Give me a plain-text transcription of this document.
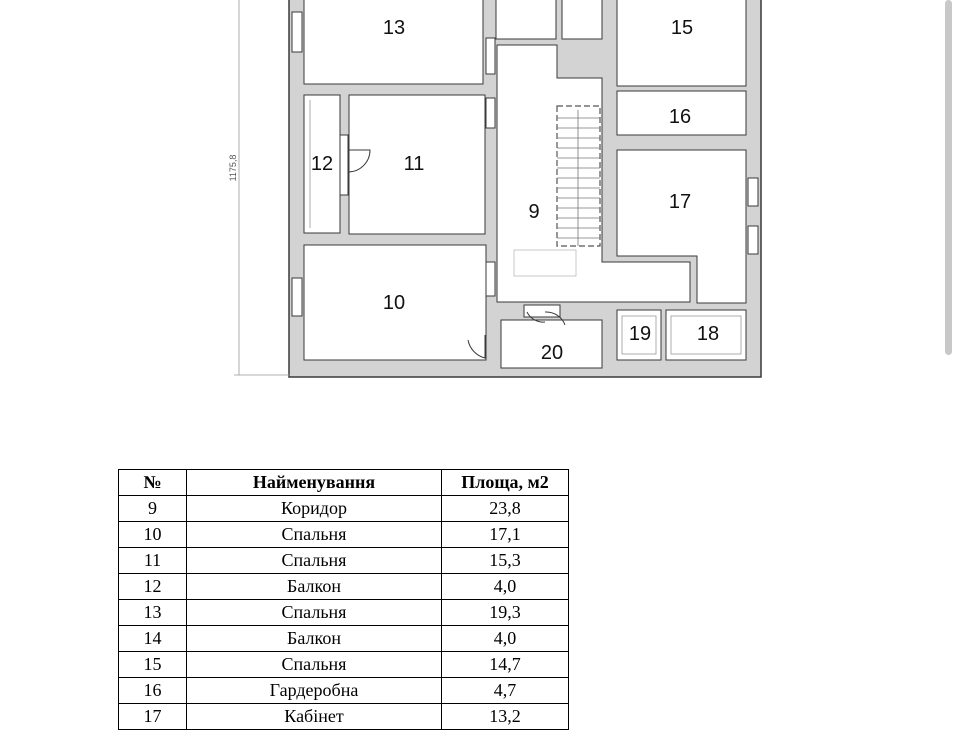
1175,8
13	15
16
12	11
9	17
10
19 18
20
№	Найменування	Площа, м2
9	Коридор	23,8
10	Спальня	17,1
11	Спальня	15,3
12	Балкон	4,0
13	Спальня	19,3
14	Балкон	4,0
15	Спальня	14,7
16	Гардеробна	4,7
17	Кабінет	13,2
